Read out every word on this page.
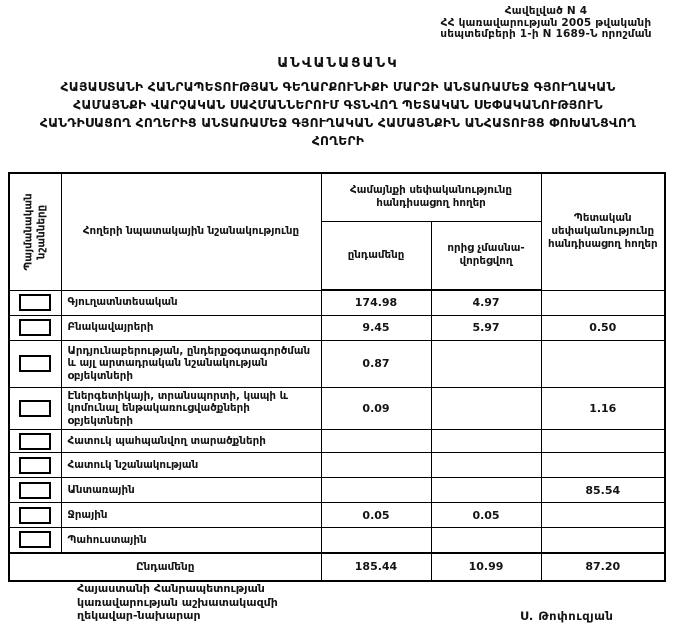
Հավելված N 4
ՀՀ կառավարության 2005 թվականի
սեպտեմբերի 1-ի N 1689-Ն որոշման
ԱՆՎԱՆԱՑԱՆԿ
ՀԱՅԱՍՏԱՆԻ ՀԱՆՐԱՊԵՏՈՒԹՅԱՆ ԳԵՂԱՐՔՈՒՆԻՔԻ ՄԱՐԶԻ ԱՆՏԱՌԱՄԵՋ ԳՅՈՒՂԱԿԱՆ
ՀԱՄԱՅՆՔԻ ՎԱՐՉԱԿԱՆ ՍԱՀՄԱՆՆԵՐՈՒՄ ԳՏՆՎՈՂ ՊԵՏԱԿԱՆ ՍԵՓԱԿԱՆՈՒԹՅՈՒՆ
ՀԱՆԴԻՍԱՑՈՂ ՀՈՂԵՐԻՑ ԱՆՏԱՌԱՄԵՋ ԳՅՈՒՂԱԿԱՆ ՀԱՄԱՅՆՔԻՆ ԱՆՀԱՏՈՒՅՑ ՓՈԽԱՆՑՎՈՂ
ՀՈՂԵՐԻ
Պայմանական նշանները	Հողերի նպատակային նշանակությունը	Համայնքի սեփականությունը հանդիսացող հողեր		Պետական սեփականությունը հանդիսացող հողեր
		ընդամենը	որից չմասնա-վորեցվող	

	Գյուղատնտեսական	174.98	4.97	

	Բնակավայրերի	9.45	5.97	0.50

	Արդյունաբերության, ընդերքօգտագործման և այլ արտադրական նշանակության օբյեկտների	0.87		

	Էներգետիկայի, տրանսպորտի, կապի և կոմունալ ենթակառուցվածքների օբյեկտների	0.09		1.16

	Հատուկ պահպանվող տարածքների			

	Հատուկ նշանակության			

	Անտառային			85.54

	Ջրային	0.05	0.05	

	Պահուստային			
Ընդամենը		185.44	10.99	87.20
Հայաստանի Հանրապետության
կառավարության աշխատակազմի
ղեկավար-նախարար	Ս. Թոփուզյան
